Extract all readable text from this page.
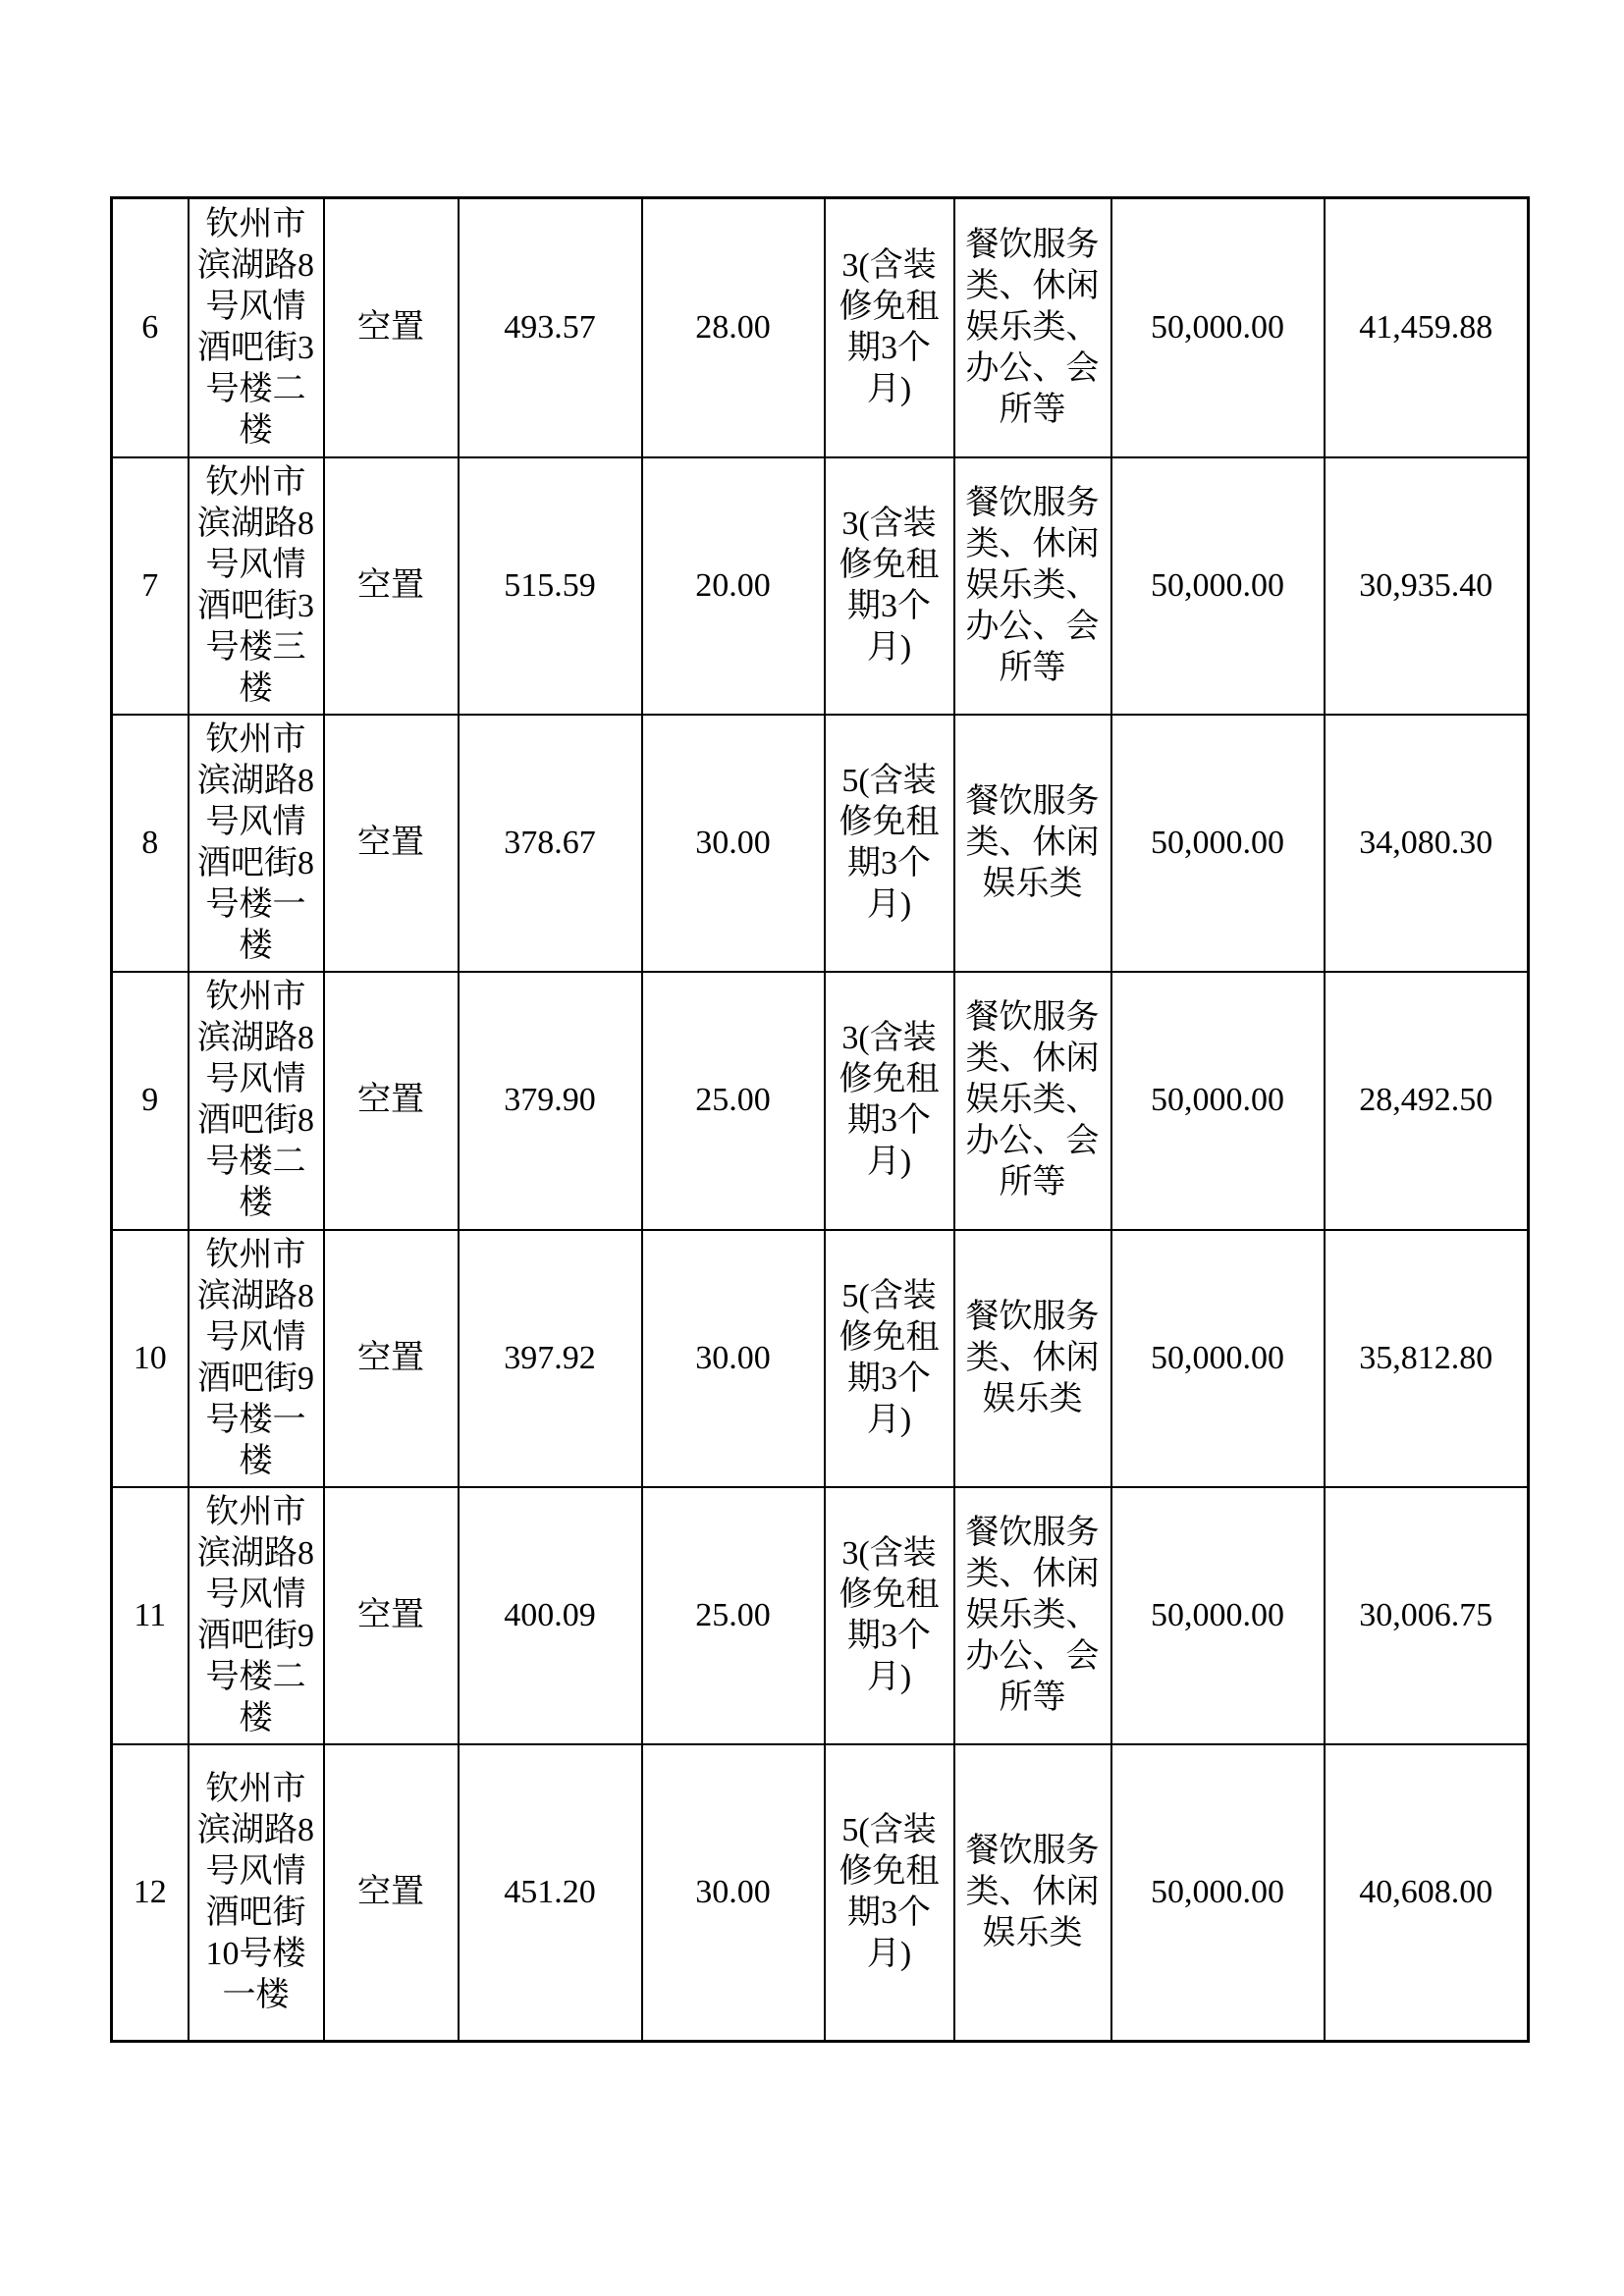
6	钦州市滨湖路8号风情酒吧街3号楼二楼	空置	493.57	28.00	3(含装修免租期3个月)	餐饮服务类、休闲娱乐类、办公、会所等	50,000.00	41,459.88
7	钦州市滨湖路8号风情酒吧街3号楼三楼	空置	515.59	20.00	3(含装修免租期3个月)	餐饮服务类、休闲娱乐类、办公、会所等	50,000.00	30,935.40
8	钦州市滨湖路8号风情酒吧街8号楼一楼	空置	378.67	30.00	5(含装修免租期3个月)	餐饮服务类、休闲娱乐类	50,000.00	34,080.30
9	钦州市滨湖路8号风情酒吧街8号楼二楼	空置	379.90	25.00	3(含装修免租期3个月)	餐饮服务类、休闲娱乐类、办公、会所等	50,000.00	28,492.50
10	钦州市滨湖路8号风情酒吧街9号楼一楼	空置	397.92	30.00	5(含装修免租期3个月)	餐饮服务类、休闲娱乐类	50,000.00	35,812.80
11	钦州市滨湖路8号风情酒吧街9号楼二楼	空置	400.09	25.00	3(含装修免租期3个月)	餐饮服务类、休闲娱乐类、办公、会所等	50,000.00	30,006.75
12	钦州市滨湖路8号风情酒吧街10号楼一楼	空置	451.20	30.00	5(含装修免租期3个月)	餐饮服务类、休闲娱乐类	50,000.00	40,608.00
